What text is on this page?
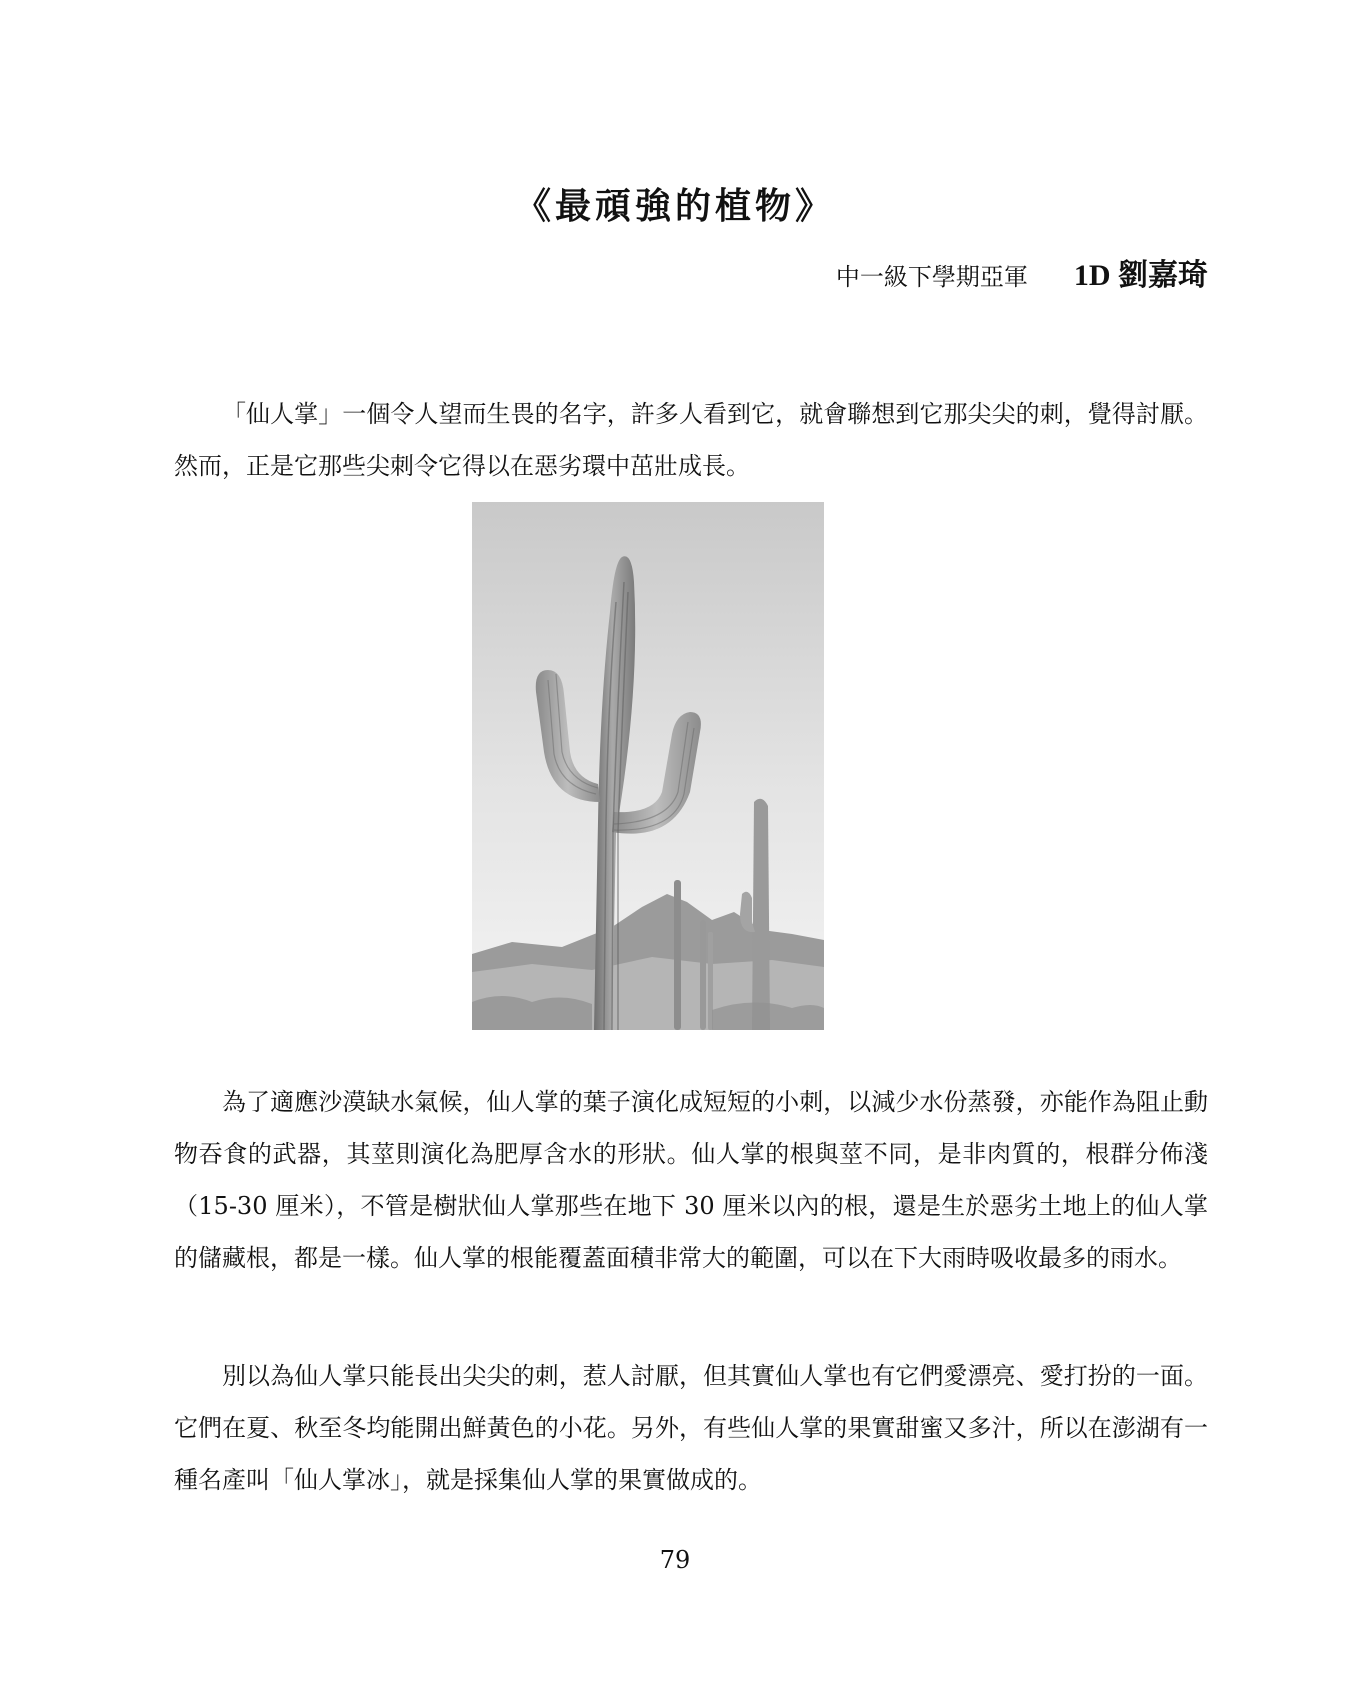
《最頑強的植物》
中一級下學期亞軍 1D 劉嘉琦

「仙人掌」一個令人望而生畏的名字，許多人看到它，就會聯想到它那尖尖的刺，覺得討厭。然而，正是它那些尖刺令它得以在惡劣環中茁壯成長。

為了適應沙漠缺水氣候，仙人掌的葉子演化成短短的小刺，以減少水份蒸發，亦能作為阻止動物吞食的武器，其莖則演化為肥厚含水的形狀。仙人掌的根與莖不同，是非肉質的，根群分佈淺（15-30 厘米），不管是樹狀仙人掌那些在地下 30 厘米以內的根，還是生於惡劣土地上的仙人掌的儲藏根，都是一樣。仙人掌的根能覆蓋面積非常大的範圍，可以在下大雨時吸收最多的雨水。

別以為仙人掌只能長出尖尖的刺，惹人討厭，但其實仙人掌也有它們愛漂亮、愛打扮的一面。它們在夏、秋至冬均能開出鮮黃色的小花。另外，有些仙人掌的果實甜蜜又多汁，所以在澎湖有一種名產叫「仙人掌冰」，就是採集仙人掌的果實做成的。

79
